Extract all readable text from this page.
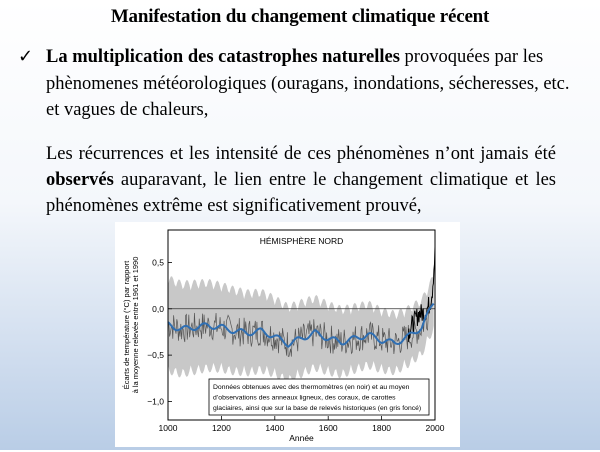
Manifestation du changement climatique récent
✓ La multiplication des catastrophes naturelles provoquées par les phènomenes météorologiques (ouragans, inondations, sécheresses, etc. et vagues de chaleurs,
Les récurrences et les intensité de ces phénomènes n’ont jamais été observés auparavant, le lien entre le changement climatique et les phénomènes extrême est significativement prouvé,
1000	1200	1400	1600	1800	2000
−1,0
−0,5
0,0
0,5
HÉMISPHÈRE NORD
Année
Écarts de température (°C) par rapport à la moyenne relevée entre 1961 et 1990	Données obtenues avec des thermomètres (en noir) et au moyen
d’observations des anneaux ligneux, des coraux, de carottes
glaciaires, ainsi que sur la base de relevés historiques (en gris foncé)
